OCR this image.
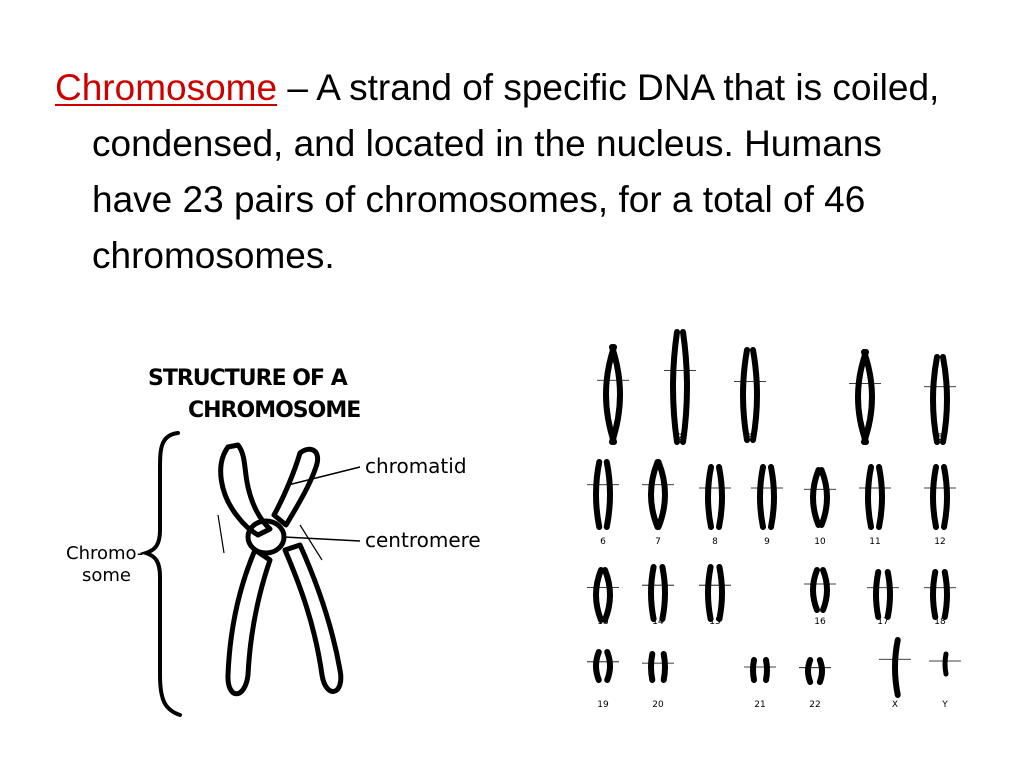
Chromosome – A strand of specific DNA that is coiled, condensed, and located in the nucleus. Humans have 23 pairs of chromosomes, for a total of 46 chromosomes.

STRUCTURE OF A
CHROMOSOME
chromatid
centromere
Chromo-
some
1	2	3	4	5
6	7	8	9	10	11	12
13	14	15	16	17	18
19	20	21	22	X	Y
